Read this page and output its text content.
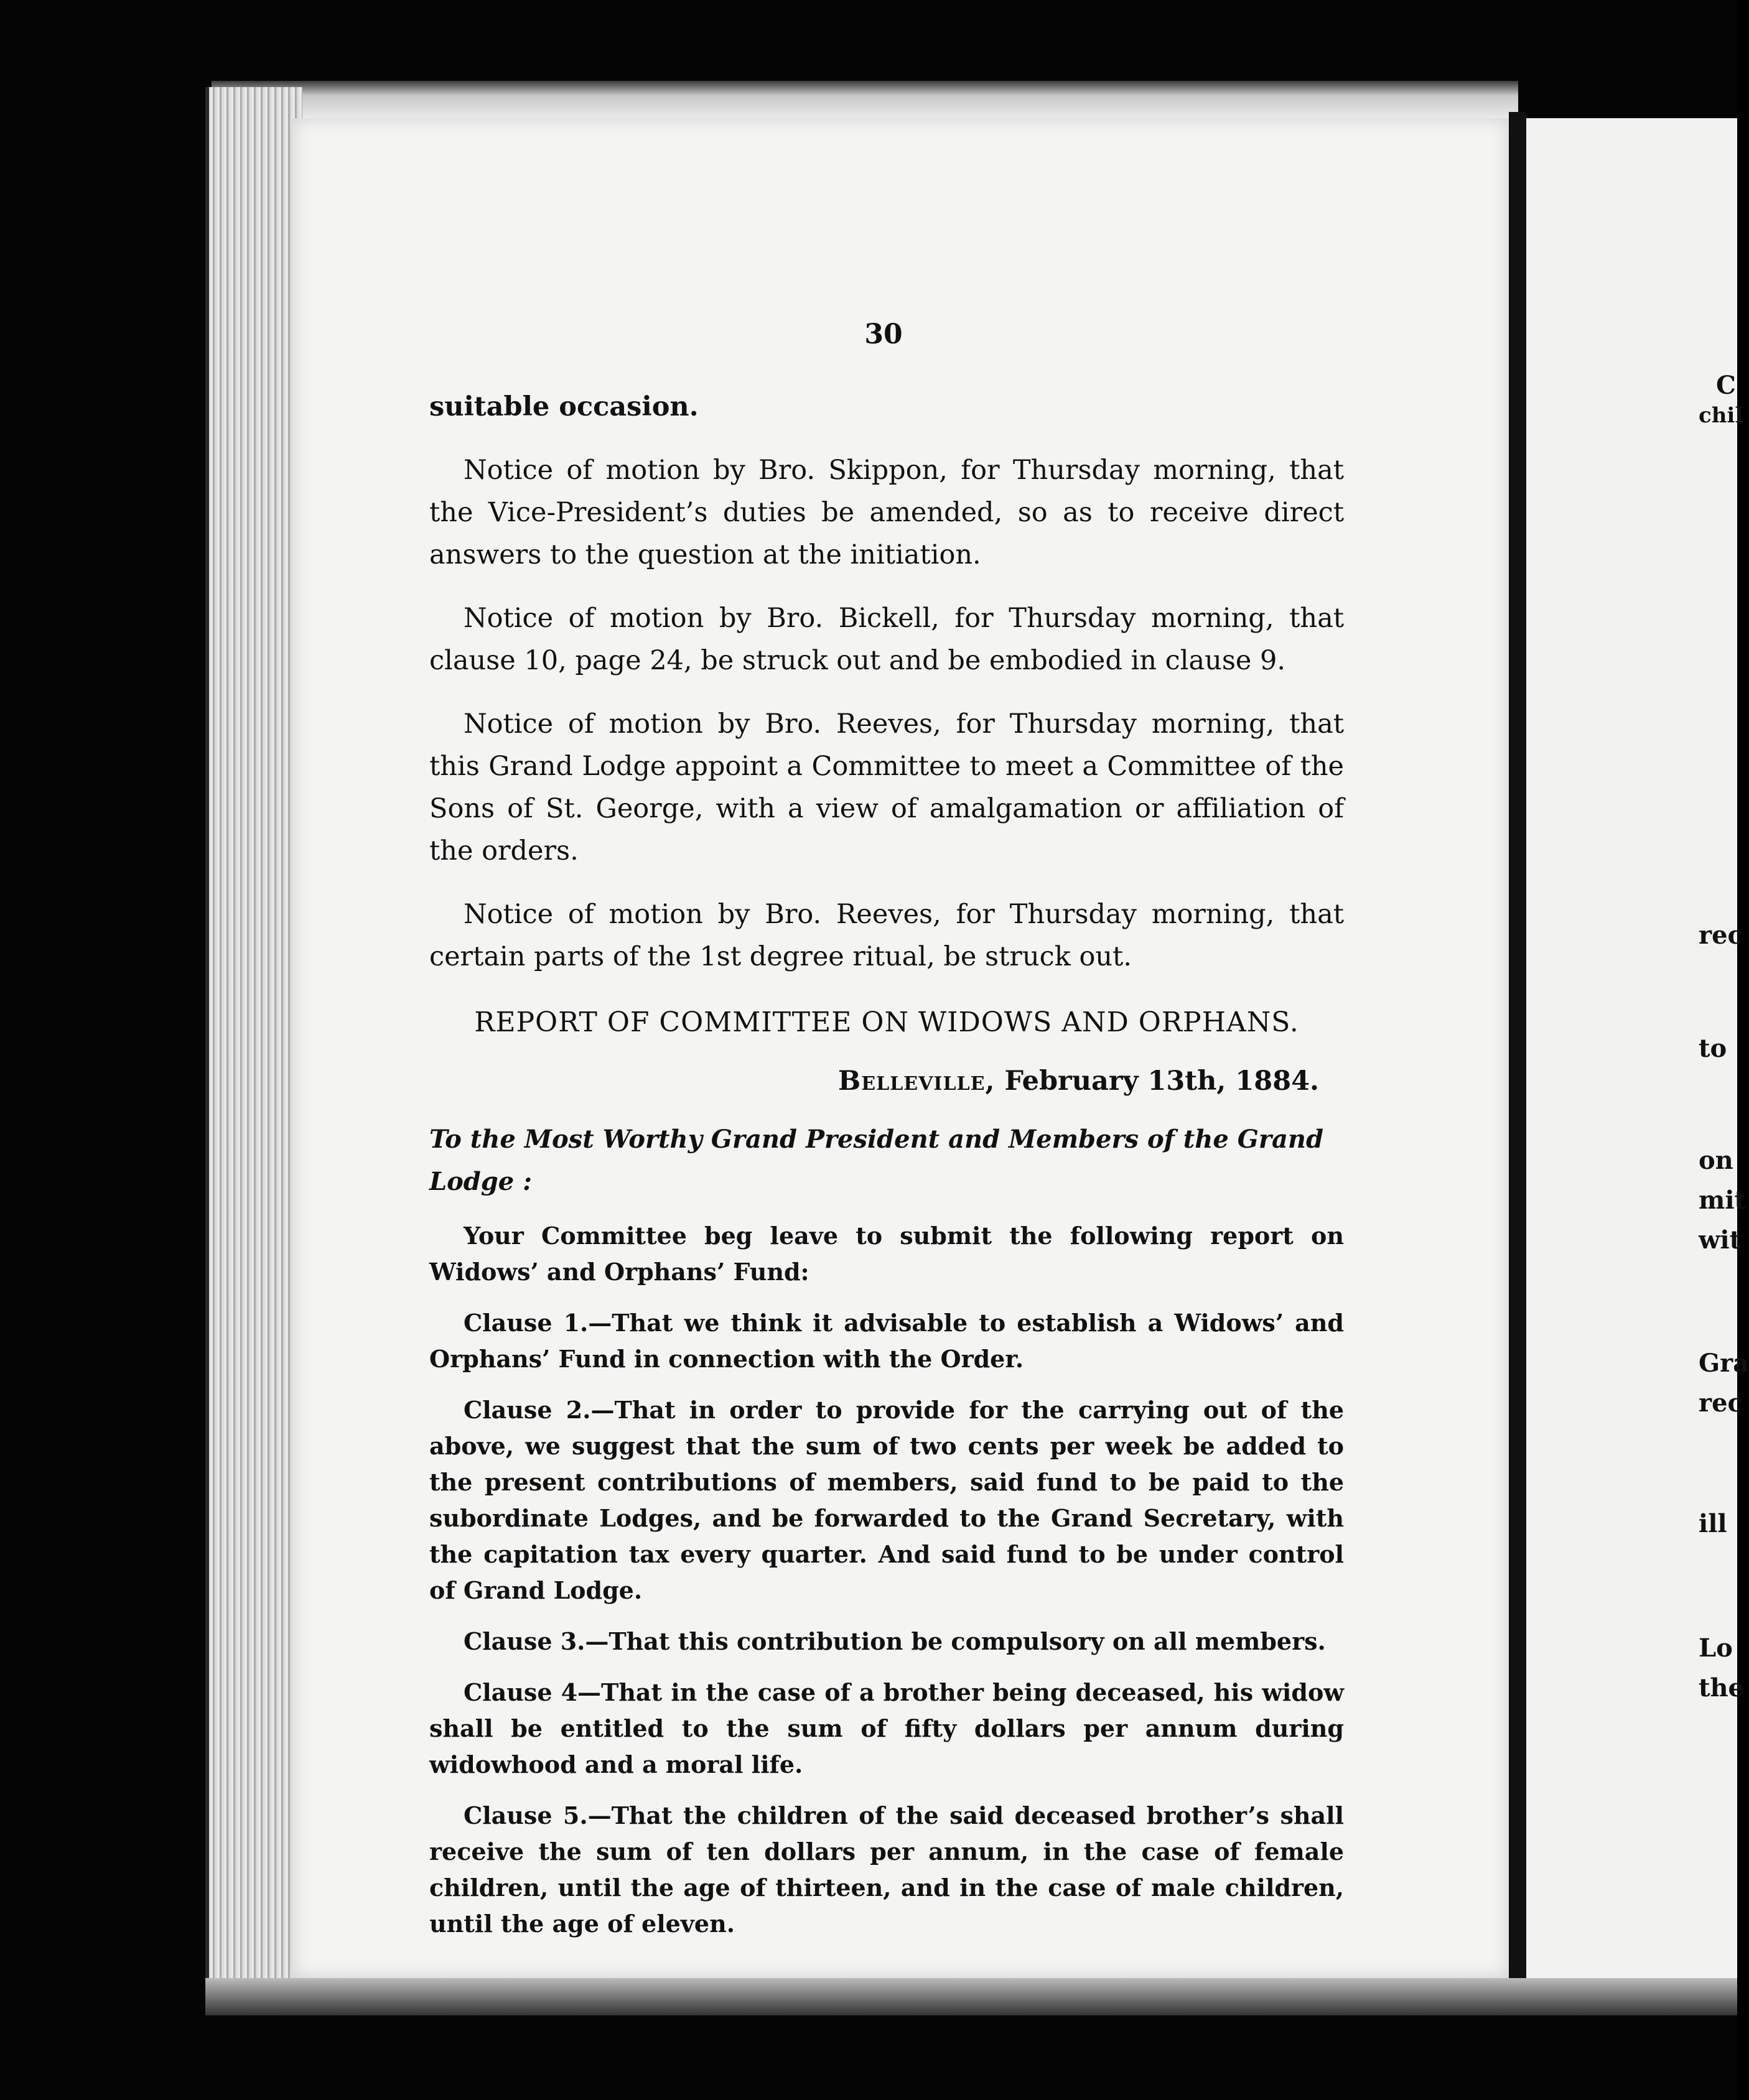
30

suitable occasion.

Notice of motion by Bro. Skippon, for Thursday morning, that the Vice-President’s duties be amended, so as to receive direct answers to the question at the initiation.

Notice of motion by Bro. Bickell, for Thursday morning, that clause 10, page 24, be struck out and be embodied in clause 9.

Notice of motion by Bro. Reeves, for Thursday morning, that this Grand Lodge appoint a Committee to meet a Committee of the Sons of St. George, with a view of amalgamation or affiliation of the orders.

Notice of motion by Bro. Reeves, for Thursday morning, that certain parts of the 1st degree ritual, be struck out.

REPORT OF COMMITTEE ON WIDOWS AND ORPHANS.

Belleville, February 13th, 1884.

To the Most Worthy Grand President and Members of the Grand Lodge :

Your Committee beg leave to submit the following report on Widows’ and Orphans’ Fund:

Clause 1.—That we think it advisable to establish a Widows’ and Orphans’ Fund in connection with the Order.

Clause 2.—That in order to provide for the carrying out of the above, we suggest that the sum of two cents per week be added to the present contributions of members, said fund to be paid to the subordinate Lodges, and be forwarded to the Grand Secretary, with the capitation tax every quarter. And said fund to be under control of Grand Lodge.

Clause 3.—That this contribution be compulsory on all members.

Clause 4—That in the case of a brother being deceased, his widow shall be entitled to the sum of fifty dollars per annum during widowhood and a moral life.

Clause 5.—That the children of the said deceased brother’s shall receive the sum of ten dollars per annum, in the case of female children, until the age of thirteen, and in the case of male children, until the age of eleven.

C
chil
rec
to
on
mit
wit
Gra
rec
ill
Lo
the
